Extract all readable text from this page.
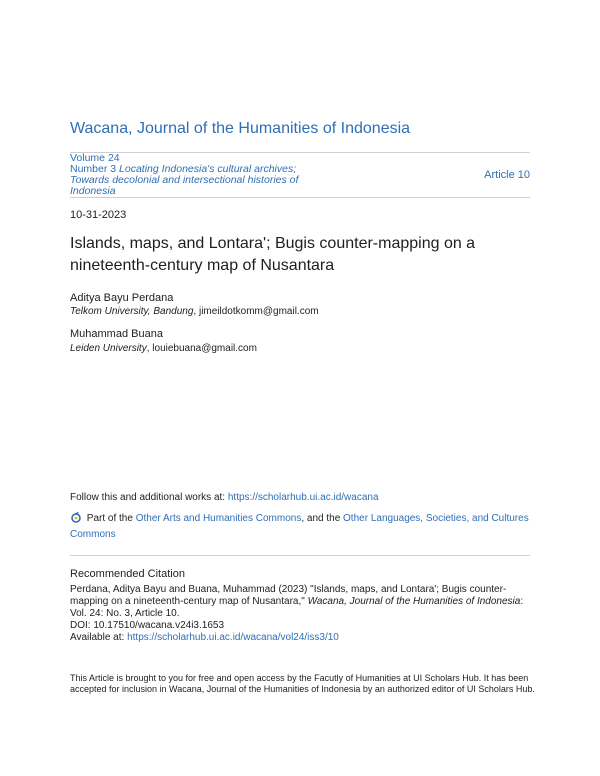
Wacana, Journal of the Humanities of Indonesia
Volume 24
Number 3 Locating Indonesia's cultural archives; Towards decolonial and intersectional histories of Indonesia
Article 10
10-31-2023
Islands, maps, and Lontara'; Bugis counter-mapping on a nineteenth-century map of Nusantara
Aditya Bayu Perdana
Telkom University, Bandung, jimeildotkomm@gmail.com
Muhammad Buana
Leiden University, louiebuana@gmail.com
Follow this and additional works at: https://scholarhub.ui.ac.id/wacana
Part of the Other Arts and Humanities Commons, and the Other Languages, Societies, and Cultures Commons
Recommended Citation
Perdana, Aditya Bayu and Buana, Muhammad (2023) "Islands, maps, and Lontara'; Bugis counter-mapping on a nineteenth-century map of Nusantara," Wacana, Journal of the Humanities of Indonesia: Vol. 24: No. 3, Article 10.
DOI: 10.17510/wacana.v24i3.1653
Available at: https://scholarhub.ui.ac.id/wacana/vol24/iss3/10
This Article is brought to you for free and open access by the Facutly of Humanities at UI Scholars Hub. It has been accepted for inclusion in Wacana, Journal of the Humanities of Indonesia by an authorized editor of UI Scholars Hub.
